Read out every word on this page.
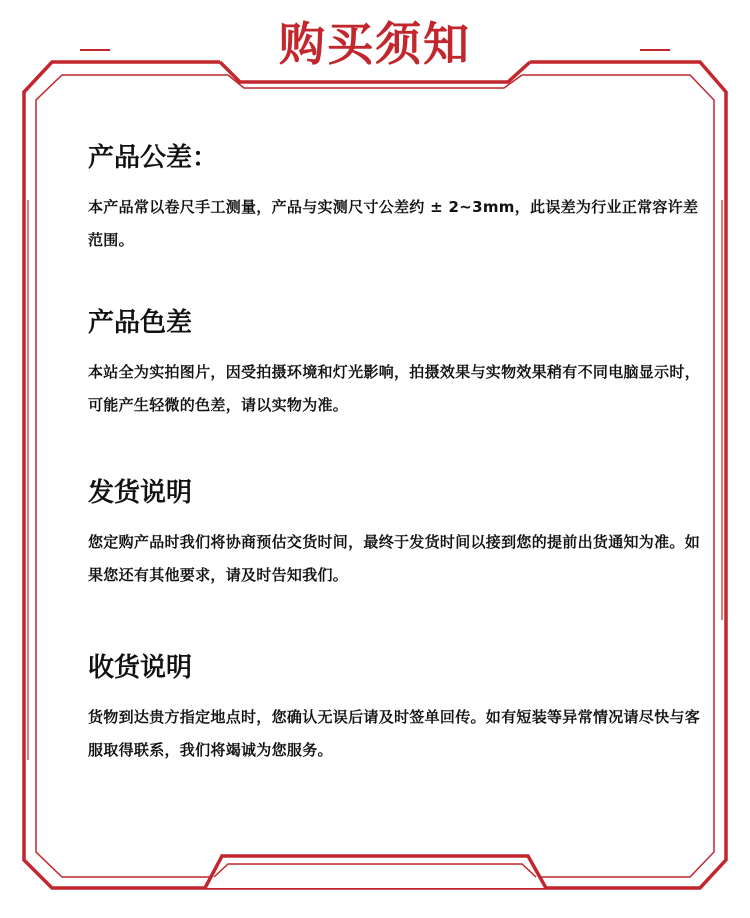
购买须知
产品公差：
本产品常以卷尺手工测量，产品与实测尺寸公差约 ± 2~3mm，此误差为行业正常容许差范围。
产品色差
本站全为实拍图片，因受拍摄环境和灯光影响，拍摄效果与实物效果稍有不同电脑显示时，可能产生轻微的色差，请以实物为准。
发货说明
您定购产品时我们将协商预估交货时间，最终于发货时间以接到您的提前出货通知为准。如果您还有其他要求，请及时告知我们。
收货说明
货物到达贵方指定地点时，您确认无误后请及时签单回传。如有短装等异常情况请尽快与客服取得联系，我们将竭诚为您服务。
